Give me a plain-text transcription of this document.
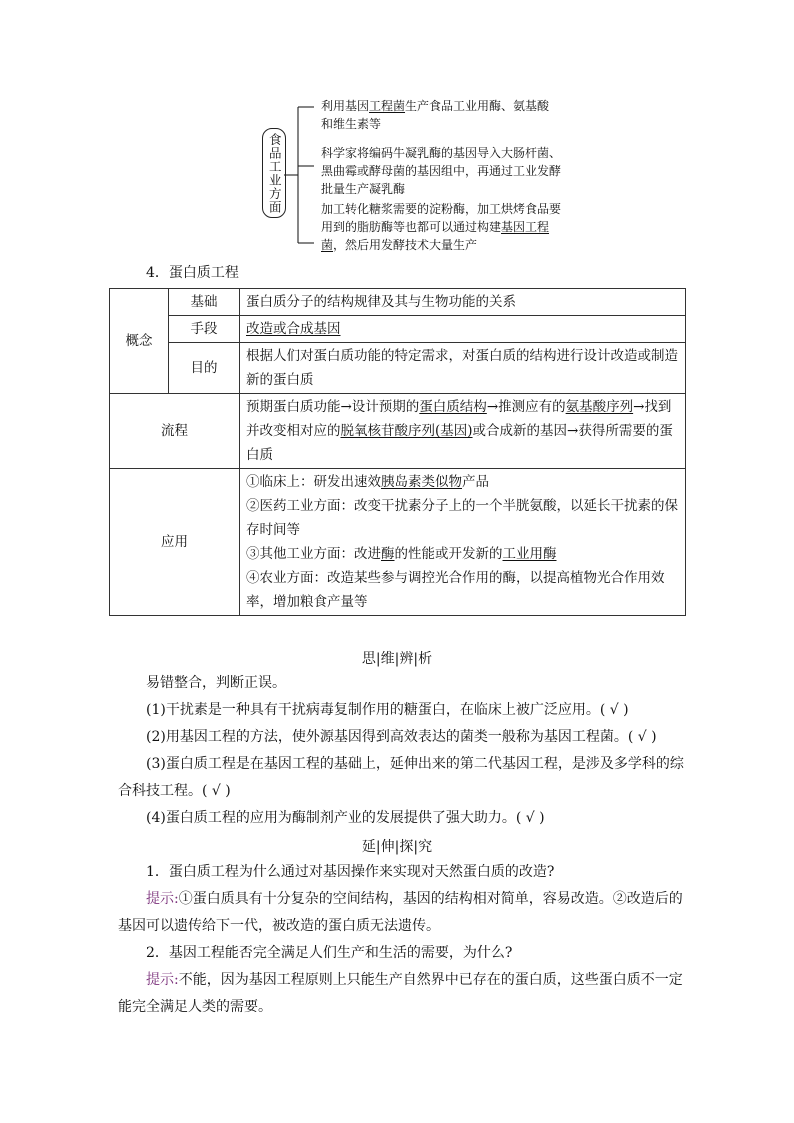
食品工业方面
利用基因工程菌生产食品工业用酶、氨基酸和维生素等
科学家将编码牛凝乳酶的基因导入大肠杆菌、黑曲霉或酵母菌的基因组中，再通过工业发酵批量生产凝乳酶
加工转化糖浆需要的淀粉酶，加工烘烤食品要用到的脂肪酶等也都可以通过构建基因工程菌，然后用发酵技术大量生产
4．蛋白质工程
概念	基础	蛋白质分子的结构规律及其与生物功能的关系
	手段	改造或合成基因
	目的	根据人们对蛋白质功能的特定需求，对蛋白质的结构进行设计改造或制造新的蛋白质
流程		预期蛋白质功能→设计预期的蛋白质结构→推测应有的氨基酸序列→找到并改变相对应的脱氧核苷酸序列(基因)或合成新的基因→获得所需要的蛋白质
应用		①临床上：研发出速效胰岛素类似物产品
②医药工业方面：改变干扰素分子上的一个半胱氨酸，以延长干扰素的保存时间等
③其他工业方面：改进酶的性能或开发新的工业用酶
④农业方面：改造某些参与调控光合作用的酶，以提高植物光合作用效率，增加粮食产量等
思|维|辨|析
易错整合，判断正误。
(1)干扰素是一种具有干扰病毒复制作用的糖蛋白，在临床上被广泛应用。( √ )
(2)用基因工程的方法，使外源基因得到高效表达的菌类一般称为基因工程菌。( √ )
(3)蛋白质工程是在基因工程的基础上，延伸出来的第二代基因工程，是涉及多学科的综合科技工程。( √ )
(4)蛋白质工程的应用为酶制剂产业的发展提供了强大助力。( √ )
延|伸|探|究
1．蛋白质工程为什么通过对基因操作来实现对天然蛋白质的改造?
提示:①蛋白质具有十分复杂的空间结构，基因的结构相对简单，容易改造。②改造后的基因可以遗传给下一代，被改造的蛋白质无法遗传。
2．基因工程能否完全满足人们生产和生活的需要，为什么?
提示:不能，因为基因工程原则上只能生产自然界中已存在的蛋白质，这些蛋白质不一定能完全满足人类的需要。
